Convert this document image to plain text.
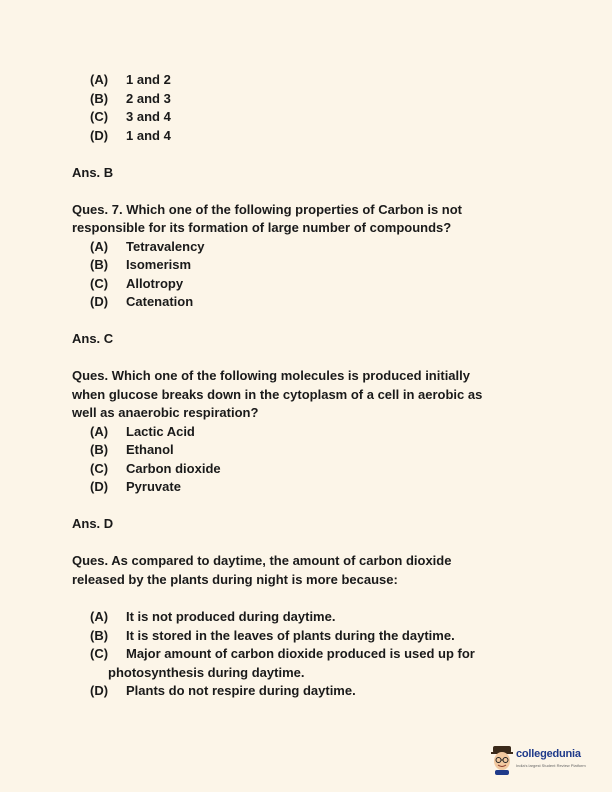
(A) 1 and 2
(B) 2 and 3
(C) 3 and 4
(D) 1 and 4
Ans. B
Ques. 7. Which one of the following properties of Carbon is not
responsible for its formation of large number of compounds?
(A) Tetravalency
(B) Isomerism
(C) Allotropy
(D) Catenation
Ans. C
Ques. Which one of the following molecules is produced initially
when glucose breaks down in the cytoplasm of a cell in aerobic as
well as anaerobic respiration?
(A) Lactic Acid
(B) Ethanol
(C) Carbon dioxide
(D) Pyruvate
Ans. D
Ques. As compared to daytime, the amount of carbon dioxide
released by the plants during night is more because:
(A) It is not produced during daytime.
(B) It is stored in the leaves of plants during the daytime.
(C) Major amount of carbon dioxide produced is used up for
photosynthesis during daytime.
(D) Plants do not respire during daytime.
collegedunia
India's largest Student Review Platform
